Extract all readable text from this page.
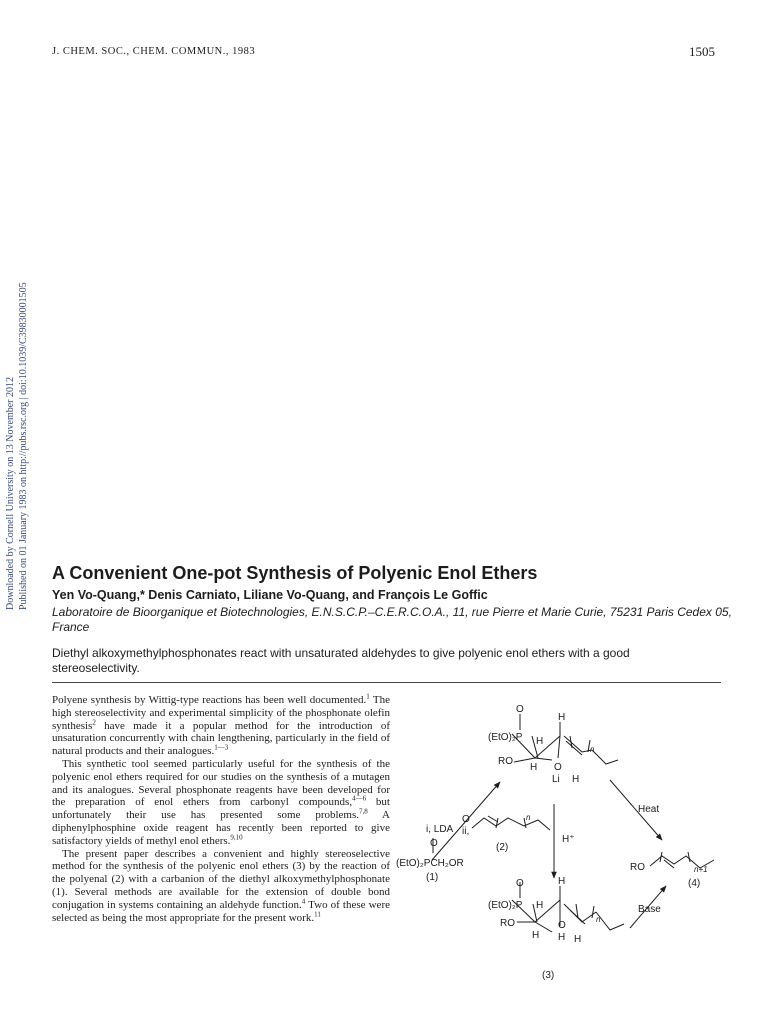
J. CHEM. SOC., CHEM. COMMUN., 1983	1505
Downloaded by Cornell University on 13 November 2012 Published on 01 January 1983 on http://pubs.rsc.org | doi:10.1039/C39830001505 A Convenient One-pot Synthesis of Polyenic Enol Ethers
Yen Vo-Quang,* Denis Carniato, Liliane Vo-Quang, and François Le Goffic
Laboratoire de Bioorganique et Biotechnologies, E.N.S.C.P.–C.E.R.C.O.A., 11, rue Pierre et Marie Curie, 75231 Paris Cedex 05, France
Diethyl alkoxymethylphosphonates react with unsaturated aldehydes to give polyenic enol ethers with a good stereoselectivity.

Polyene synthesis by Wittig-type reactions has been well documented.$^1$ The high stereoselectivity and experimental simplicity of the phosphonate olefin synthesis$^2$ have made it a popular method for the introduction of unsaturation concurrently with chain lengthening, particularly in the field of natural products and their analogues.$^{1—3}$

This synthetic tool seemed particularly useful for the synthesis of the polyenic enol ethers required for our studies on the synthesis of a mutagen and its analogues. Several phosphonate reagents have been developed for the preparation of enol ethers from carbonyl compounds,$^{4—6}$ but unfortunately their use has presented some problems.$^{7,8}$ A diphenylphosphine oxide reagent has recently been reported to give satisfactory yields of methyl enol ethers.$^{9,10}$

The present paper describes a convenient and highly stereoselective method for the synthesis of the polyenic enol ethers (3) by the reaction of the polyenal (2) with a carbanion of the diethyl alkoxymethylphosphonate (1). Several methods are available for the extension of double bond conjugation in systems containing an aldehyde function.$^4$ Two of these were selected as being the most appropriate for the present work.$^{11}$

O
(EtO)₂P
H
H
RO
H O
Li H
n
i, LDA
O
ii,
n
(2)
O
(EtO)₂PCH₂OR
(1)
H⁺
Heat
Base
RO	n+1
(4)
O
(EtO)₂P
H
H
RO
H
O
H H
n
(3)
